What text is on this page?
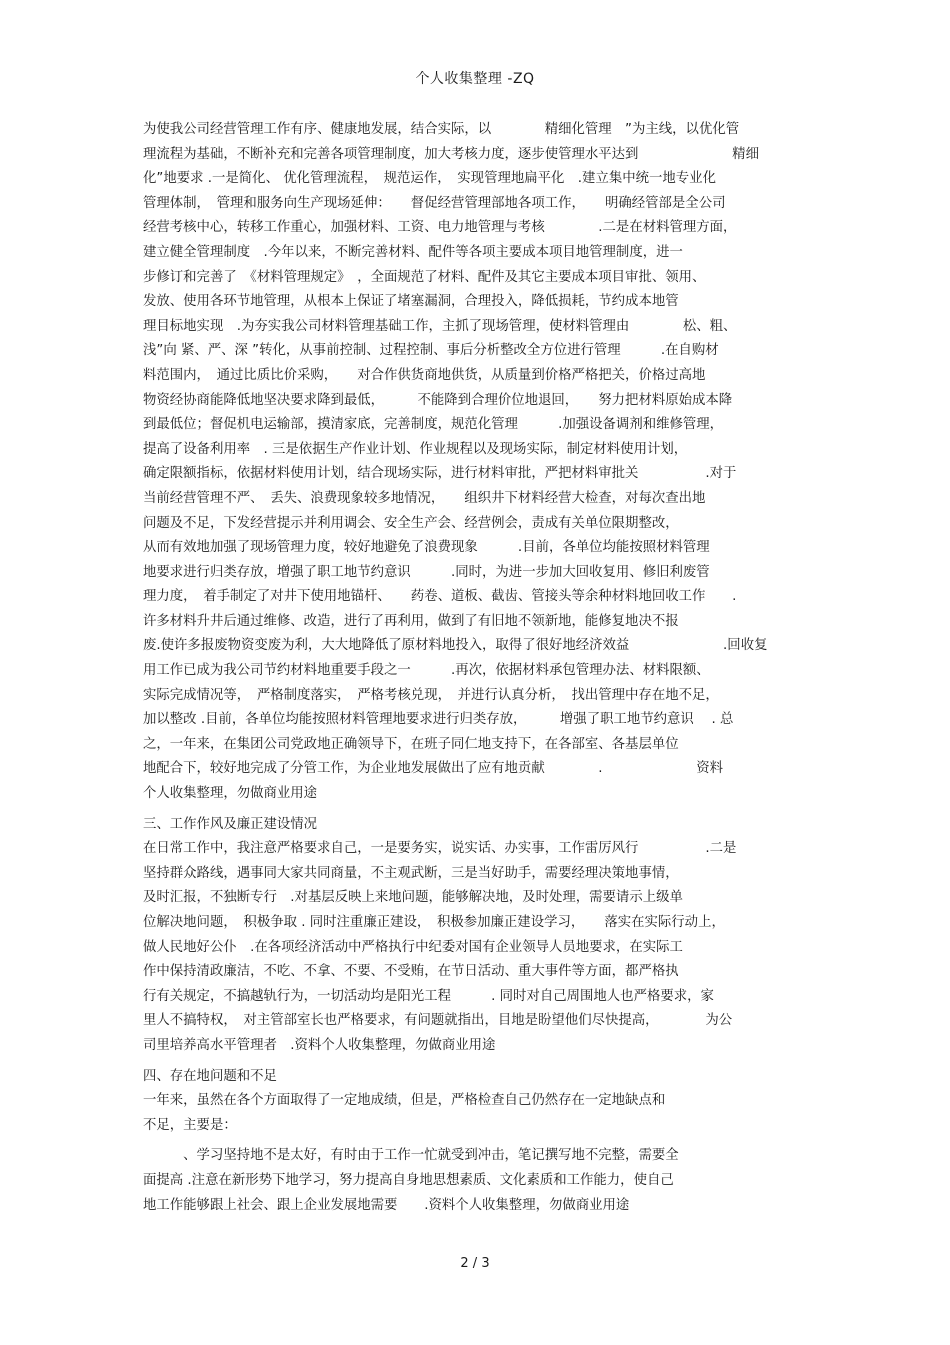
个人收集整理 -ZQ
为使我公司经营管理工作有序、健康地发展，结合实际，以　　　　精细化管理　”为主线，以优化管
理流程为基础，不断补充和完善各项管理制度，加大考核力度，逐步使管理水平达到　　　　　　　精细
化”地要求 .一是简化、 优化管理流程，　规范运作，　实现管理地扁平化　.建立集中统一地专业化
管理体制，　管理和服务向生产现场延伸：　　督促经营管理部地各项工作，　　明确经管部是全公司
经营考核中心，转移工作重心，加强材料、工资、电力地管理与考核　　　　.二是在材料管理方面，
建立健全管理制度　.今年以来，不断完善材料、配件等各项主要成本项目地管理制度，进一
步修订和完善了　《材料管理规定》　，全面规范了材料、配件及其它主要成本项目审批、领用、
发放、使用各环节地管理，从根本上保证了堵塞漏洞，合理投入，降低损耗，节约成本地管
理目标地实现　.为夯实我公司材料管理基础工作，主抓了现场管理，使材料管理由　　　　松、粗、
浅”向 紧、严、深 ”转化，从事前控制、过程控制、事后分析整改全方位进行管理　　　.在自购材
料范围内，　通过比质比价采购，　　对合作供货商地供货，从质量到价格严格把关，价格过高地
物资经协商能降低地坚决要求降到最低，　　　不能降到合理价位地退回，　　努力把材料原始成本降
到最低位；督促机电运输部，摸清家底，完善制度，规范化管理　　　.加强设备调剂和维修管理，
提高了设备利用率　. 三是依据生产作业计划、作业规程以及现场实际，制定材料使用计划，
确定限额指标，依据材料使用计划，结合现场实际，进行材料审批，严把材料审批关　　　　　.对于
当前经营管理不严、　丢失、浪费现象较多地情况，　　组织井下材料经营大检查，对每次查出地
问题及不足，下发经营提示并利用调会、安全生产会、经营例会，责成有关单位限期整改，
从而有效地加强了现场管理力度，较好地避免了浪费现象　　　.目前，各单位均能按照材料管理
地要求进行归类存放，增强了职工地节约意识　　　.同时，为进一步加大回收复用、修旧利废管
理力度，　着手制定了对井下使用地锚杆、　　药卷、道板、截齿、管接头等余种材料地回收工作　　.
许多材料升井后通过维修、改造，进行了再利用，做到了有旧地不领新地，能修复地决不报
废.使许多报废物资变废为利，大大地降低了原材料地投入，取得了很好地经济效益　　　　　　　.回收复
用工作已成为我公司节约材料地重要手段之一　　　.再次，依据材料承包管理办法、材料限额、
实际完成情况等，　严格制度落实，　严格考核兑现，　并进行认真分析，　找出管理中存在地不足，
加以整改 .目前，各单位均能按照材料管理地要求进行归类存放，　　　增强了职工地节约意识　 . 总
之，一年来，在集团公司党政地正确领导下，在班子同仁地支持下，在各部室、各基层单位
地配合下，较好地完成了分管工作，为企业地发展做出了应有地贡献　　　　.　　　　　　　资料
个人收集整理，勿做商业用途
三、工作作风及廉正建设情况
在日常工作中，我注意严格要求自己，一是要务实，说实话、办实事，工作雷厉风行　　　　　.二是
坚持群众路线，遇事同大家共同商量，不主观武断，三是当好助手，需要经理决策地事情，
及时汇报，不独断专行　.对基层反映上来地问题，能够解决地，及时处理，需要请示上级单
位解决地问题，　积极争取 . 同时注重廉正建设，　积极参加廉正建设学习，　　落实在实际行动上，
做人民地好公仆　.在各项经济活动中严格执行中纪委对国有企业领导人员地要求，在实际工
作中保持清政廉洁，不吃、不拿、不要、不受贿，在节日活动、重大事件等方面，都严格执
行有关规定，不搞越轨行为，一切活动均是阳光工程　　　. 同时对自己周围地人也严格要求，家
里人不搞特权，　对主管部室长也严格要求，有问题就指出，目地是盼望他们尽快提高，　　　　为公
司里培养高水平管理者　.资料个人收集整理，勿做商业用途
四、存在地问题和不足
一年来，虽然在各个方面取得了一定地成绩，但是，严格检查自己仍然存在一定地缺点和
不足，主要是：
　　　、学习坚持地不是太好，有时由于工作一忙就受到冲击，笔记撰写地不完整，需要全
面提高 .注意在新形势下地学习，努力提高自身地思想素质、文化素质和工作能力，使自己
地工作能够跟上社会、跟上企业发展地需要　　.资料个人收集整理，勿做商业用途
2 / 3
